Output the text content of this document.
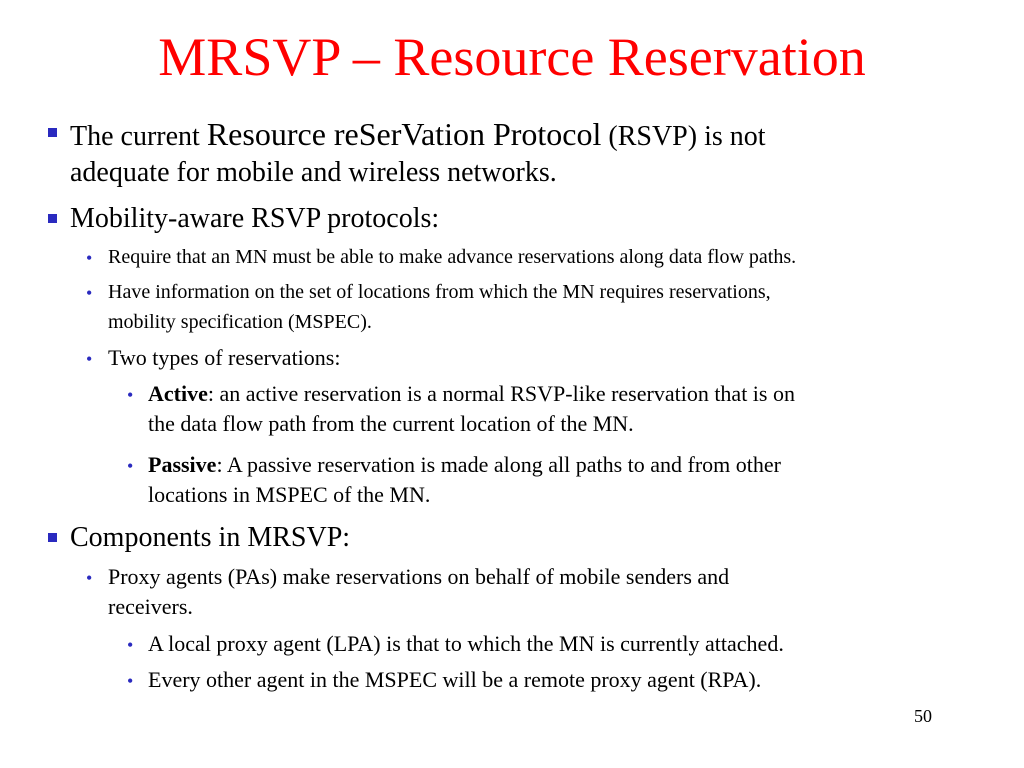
MRSVP – Resource Reservation
The current Resource reSerVation Protocol (RSVP) is not
adequate for mobile and wireless networks.
Mobility-aware RSVP protocols:
• Require that an MN must be able to make advance reservations along data flow paths.
• Have information on the set of locations from which the MN requires reservations,
mobility specification (MSPEC).
• Two types of reservations:
• Active: an active reservation is a normal RSVP-like reservation that is on
the data flow path from the current location of the MN.
• Passive: A passive reservation is made along all paths to and from other
locations in MSPEC of the MN.
Components in MRSVP:
• Proxy agents (PAs) make reservations on behalf of mobile senders and
receivers.
• A local proxy agent (LPA) is that to which the MN is currently attached.
• Every other agent in the MSPEC will be a remote proxy agent (RPA).
50
